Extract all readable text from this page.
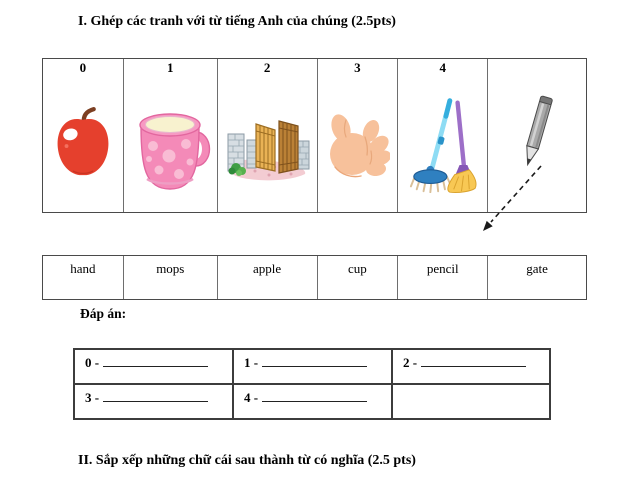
I. Ghép các tranh với từ tiếng Anh của chúng (2.5pts)
0	1	2	3	4
hand	mops	apple	cup	pencil	gate
Đáp án:
0 -	1 -	2 -
3 -	4 -
II. Sắp xếp những chữ cái sau thành từ có nghĩa (2.5 pts)
